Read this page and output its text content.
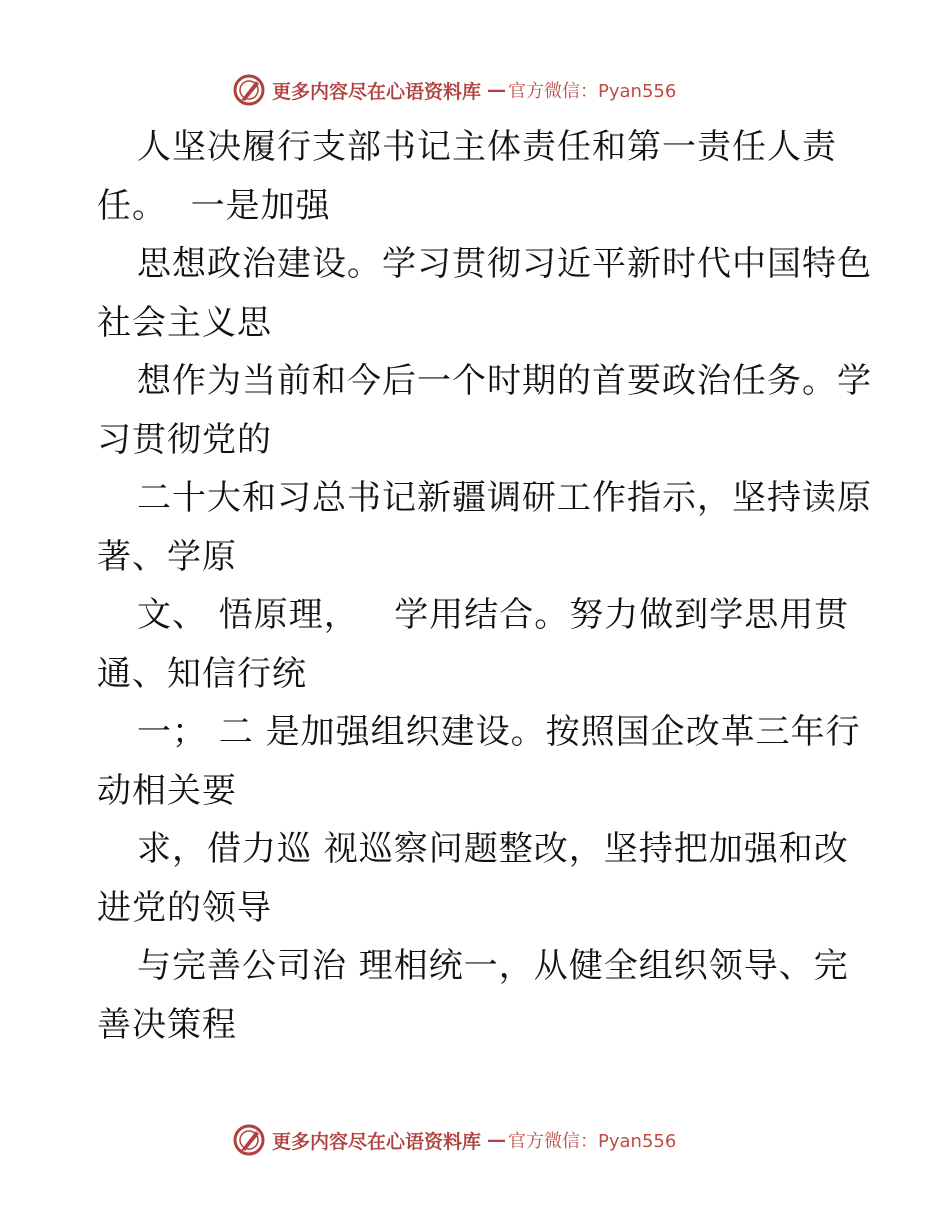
更多内容尽在心语资料库 — 官方微信：Pyan556
人坚决履行支部书记主体责任和第一责任人责
任。  一是加强
思想政治建设。学习贯彻习近平新时代中国特色
社会主义思
想作为当前和今后一个时期的首要政治任务。学
习贯彻党的
二十大和习总书记新疆调研工作指示，坚持读原
著、学原
文、 悟原理，   学用结合。努力做到学思用贯
通、知信行统
一； 二 是加强组织建设。按照国企改革三年行
动相关要
求，借力巡 视巡察问题整改，坚持把加强和改
进党的领导
与完善公司治 理相统一，从健全组织领导、完
善决策程
更多内容尽在心语资料库 — 官方微信：Pyan556
